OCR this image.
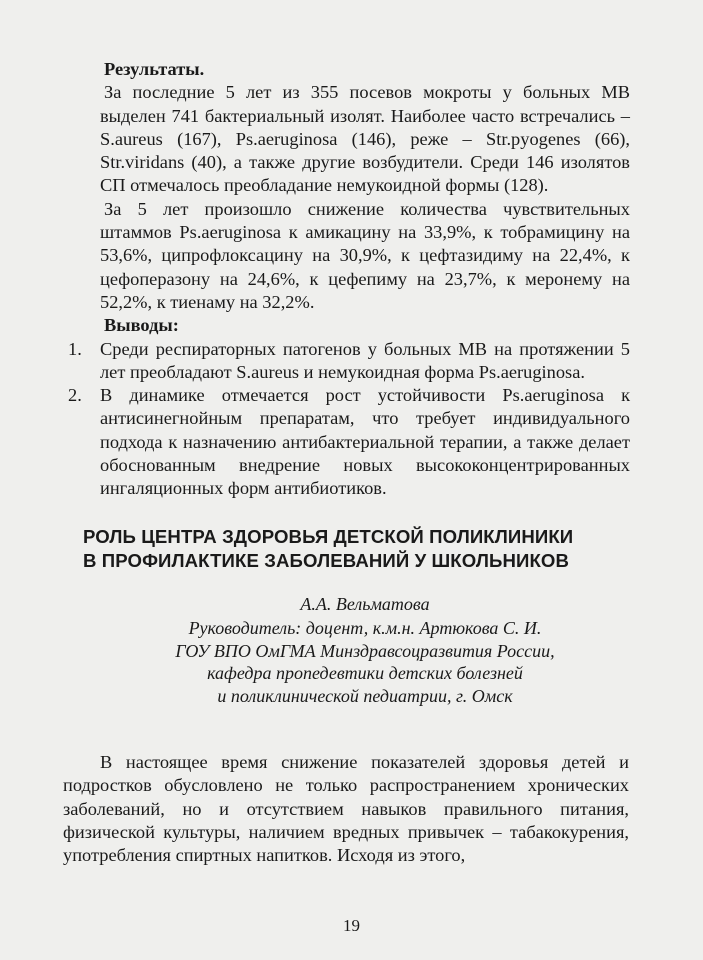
Результаты.

За последние 5 лет из 355 посевов мокроты у больных МВ выделен 741 бактериальный изолят. Наиболее часто встречались – S.aureus (167), Ps.aeruginosa (146), реже – Str.pyogenes (66), Str.viridans (40), а также другие возбудители. Среди 146 изолятов СП отмечалось преобладание немукоидной формы (128).

За 5 лет произошло снижение количества чувствительных штаммов Ps.aeruginosa к амикацину на 33,9%, к тобрамицину на 53,6%, ципрофлоксацину на 30,9%, к цефтазидиму на 22,4%, к цефоперазону на 24,6%, к цефепиму на 23,7%, к меронему на 52,2%, к тиенаму на 32,2%.

Выводы:
1. Среди респираторных патогенов у больных МВ на протяжении 5 лет преобладают S.aureus и немукоидная форма Ps.aeruginosa.
2. В динамике отмечается рост устойчивости Ps.aeruginosa к антисинегнойным препаратам, что требует индивидуального подхода к назначению антибактериальной терапии, а также делает обоснованным внедрение новых высококонцентрированных ингаляционных форм антибиотиков.
РОЛЬ ЦЕНТРА ЗДОРОВЬЯ ДЕТСКОЙ ПОЛИКЛИНИКИ
В ПРОФИЛАКТИКЕ ЗАБОЛЕВАНИЙ У ШКОЛЬНИКОВ
А.А. Вельматова
Руководитель: доцент, к.м.н. Артюкова С. И.
ГОУ ВПО ОмГМА Минздравсоцразвития России,
кафедра пропедевтики детских болезней
и поликлинической педиатрии, г. Омск

В настоящее время снижение показателей здоровья детей и подростков обусловлено не только распространением хронических заболеваний, но и отсутствием навыков правильного питания, физической культуры, наличием вредных привычек – табакокурения, употребления спиртных напитков. Исходя из этого,

19
